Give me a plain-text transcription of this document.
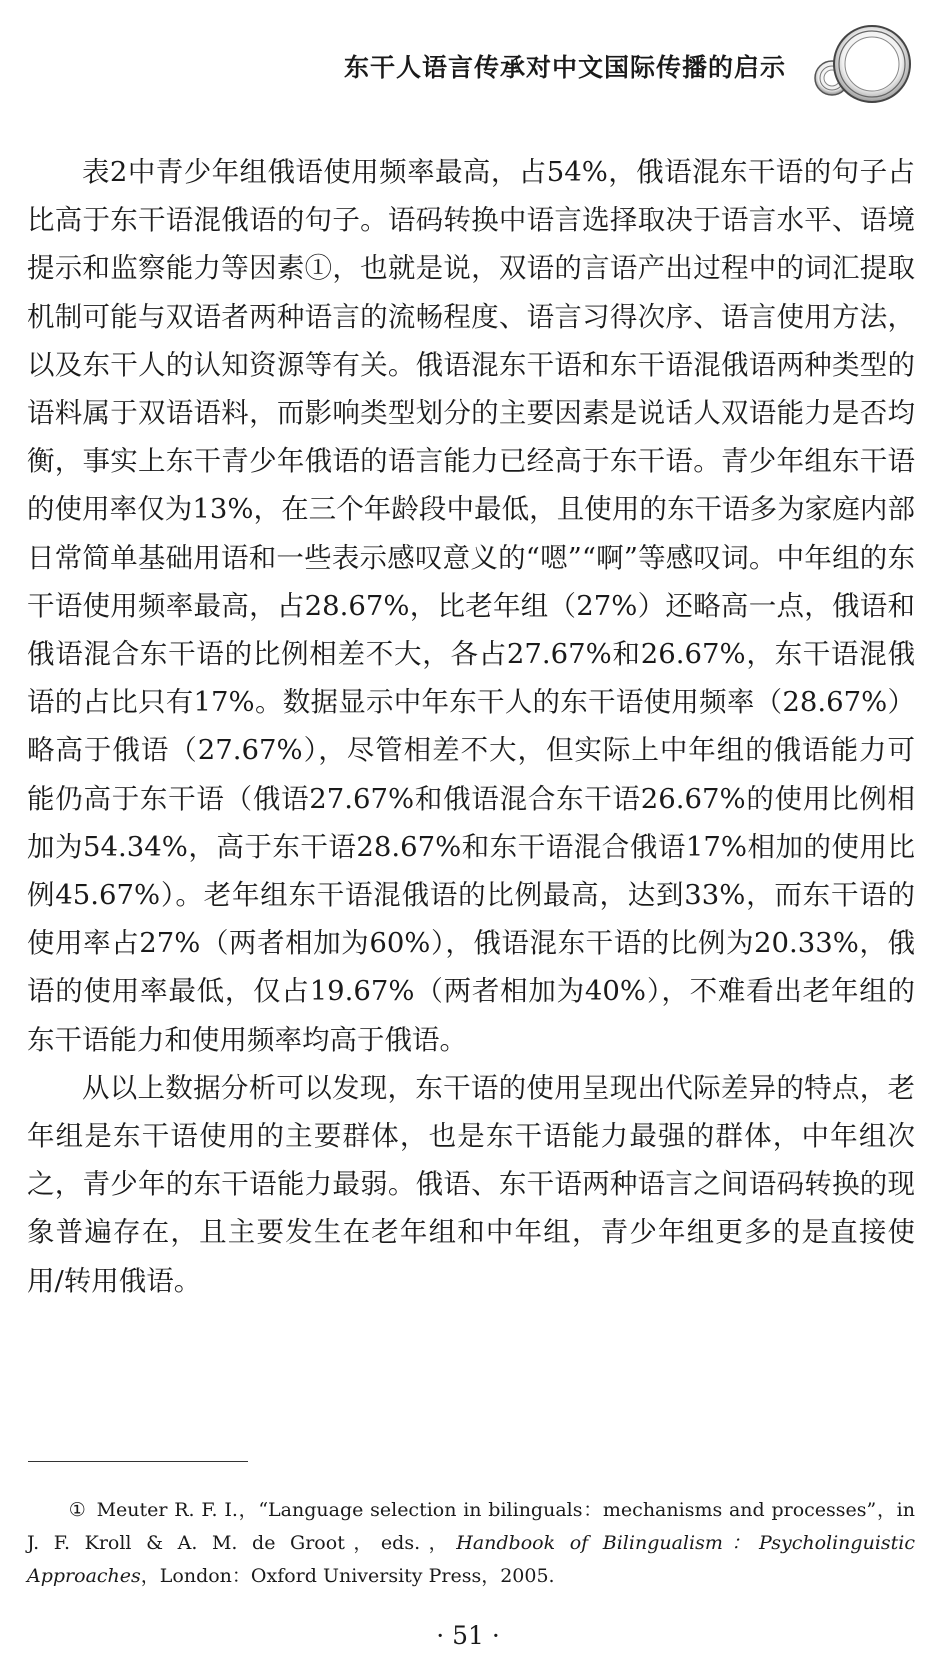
东干人语言传承对中文国际传播的启示

表2中青少年组俄语使用频率最高，占54%，俄语混东干语的句子占比高于东干语混俄语的句子。语码转换中语言选择取决于语言水平、语境提示和监察能力等因素①，也就是说，双语的言语产出过程中的词汇提取机制可能与双语者两种语言的流畅程度、语言习得次序、语言使用方法，以及东干人的认知资源等有关。俄语混东干语和东干语混俄语两种类型的语料属于双语语料，而影响类型划分的主要因素是说话人双语能力是否均衡，事实上东干青少年俄语的语言能力已经高于东干语。青少年组东干语的使用率仅为13%，在三个年龄段中最低，且使用的东干语多为家庭内部日常简单基础用语和一些表示感叹意义的“嗯”“啊”等感叹词。中年组的东干语使用频率最高，占28.67%，比老年组（27%）还略高一点，俄语和俄语混合东干语的比例相差不大，各占27.67%和26.67%，东干语混俄语的占比只有17%。数据显示中年东干人的东干语使用频率（28.67%）略高于俄语（27.67%），尽管相差不大，但实际上中年组的俄语能力可能仍高于东干语（俄语27.67%和俄语混合东干语26.67%的使用比例相加为54.34%，高于东干语28.67%和东干语混合俄语17%相加的使用比例45.67%）。老年组东干语混俄语的比例最高，达到33%，而东干语的使用率占27%（两者相加为60%），俄语混东干语的比例为20.33%，俄语的使用率最低，仅占19.67%（两者相加为40%），不难看出老年组的东干语能力和使用频率均高于俄语。

从以上数据分析可以发现，东干语的使用呈现出代际差异的特点，老年组是东干语使用的主要群体，也是东干语能力最强的群体，中年组次之，青少年的东干语能力最弱。俄语、东干语两种语言之间语码转换的现象普遍存在，且主要发生在老年组和中年组，青少年组更多的是直接使用/转用俄语。

① Meuter R. F. I.，“Language selection in bilinguals：mechanisms and processes”，in J. F. Kroll & A. M. de Groot，eds.，Handbook of Bilingualism：Psycholinguistic Approaches，London：Oxford University Press，2005.

· 51 ·
